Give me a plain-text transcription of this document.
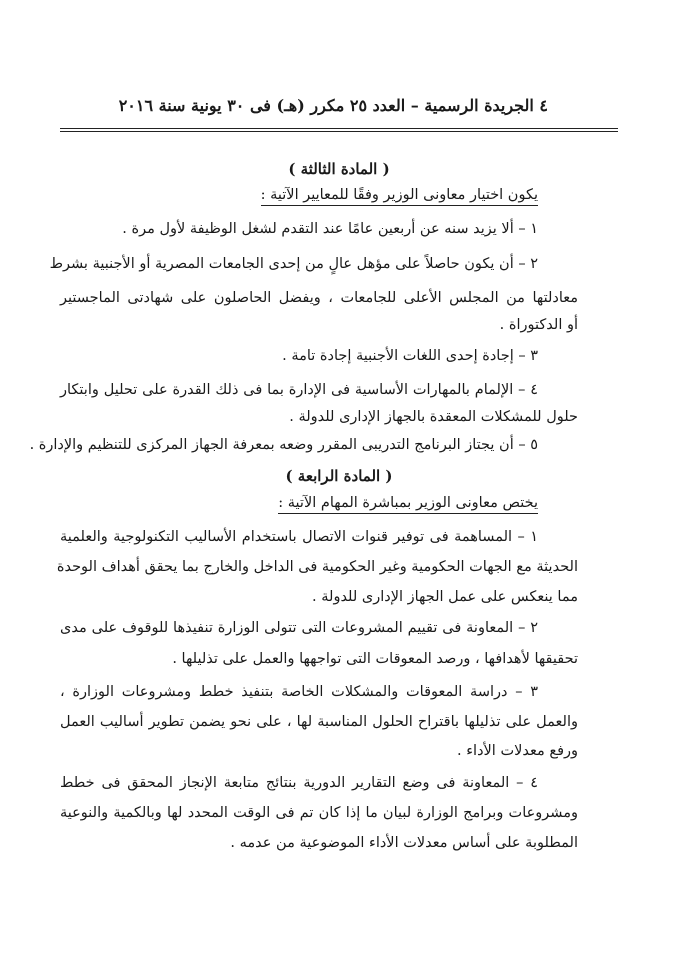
٤ الجريدة الرسمية – العدد ٢٥ مكرر (هـ) فى ٣٠ يونية سنة ٢٠١٦
( المادة الثالثة )
يكون اختيار معاونى الوزير وفقًا للمعايير الآتية :
١ – ألا يزيد سنه عن أربعين عامًا عند التقدم لشغل الوظيفة لأول مرة .
٢ – أن يكون حاصلاً على مؤهل عالٍ من إحدى الجامعات المصرية أو الأجنبية بشرط
معادلتها من المجلس الأعلى للجامعات ، ويفضل الحاصلون على شهادتى الماجستير
أو الدكتوراة .
٣ – إجادة إحدى اللغات الأجنبية إجادة تامة .
٤ – الإلمام بالمهارات الأساسية فى الإدارة بما فى ذلك القدرة على تحليل وابتكار
حلول للمشكلات المعقدة بالجهاز الإدارى للدولة .
٥ – أن يجتاز البرنامج التدريبى المقرر وضعه بمعرفة الجهاز المركزى للتنظيم والإدارة .
( المادة الرابعة )
يختص معاونى الوزير بمباشرة المهام الآتية :
١ – المساهمة فى توفير قنوات الاتصال باستخدام الأساليب التكنولوجية والعلمية
الحديثة مع الجهات الحكومية وغير الحكومية فى الداخل والخارج بما يحقق أهداف الوحدة
مما ينعكس على عمل الجهاز الإدارى للدولة .
٢ – المعاونة فى تقييم المشروعات التى تتولى الوزارة تنفيذها للوقوف على مدى
تحقيقها لأهدافها ، ورصد المعوقات التى تواجهها والعمل على تذليلها .
٣ – دراسة المعوقات والمشكلات الخاصة بتنفيذ خطط ومشروعات الوزارة ،
والعمل على تذليلها باقتراح الحلول المناسبة لها ، على نحو يضمن تطوير أساليب العمل
ورفع معدلات الأداء .
٤ – المعاونة فى وضع التقارير الدورية بنتائج متابعة الإنجاز المحقق فى خطط
ومشروعات وبرامج الوزارة لبيان ما إذا كان تم فى الوقت المحدد لها وبالكمية والنوعية
المطلوبة على أساس معدلات الأداء الموضوعية من عدمه .
